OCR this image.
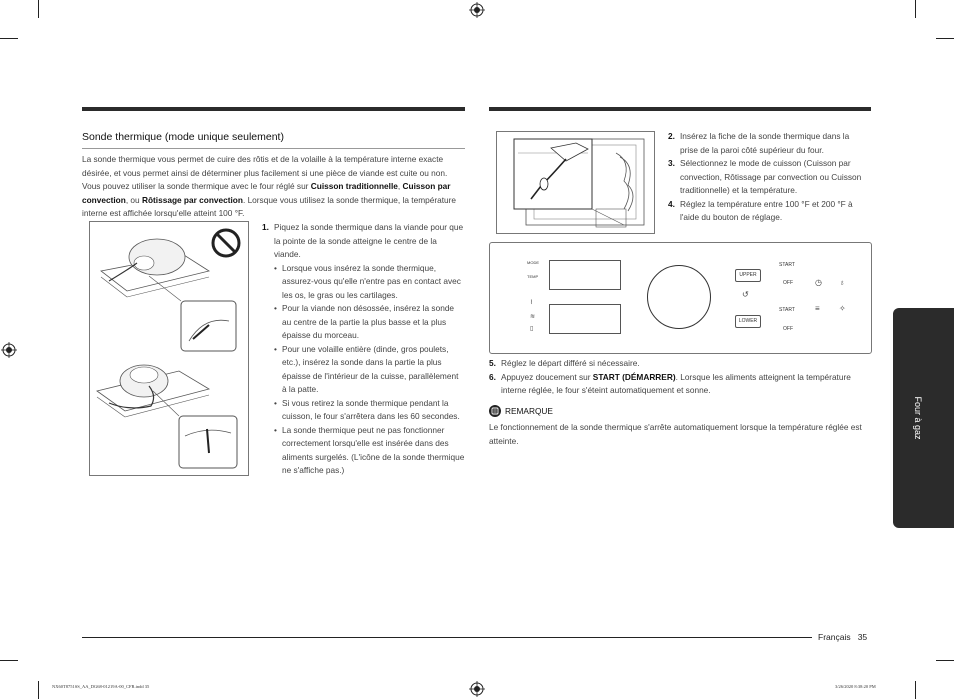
Sonde thermique (mode unique seulement)
La sonde thermique vous permet de cuire des rôtis et de la volaille à la température interne exacte désirée, et vous permet ainsi de déterminer plus facilement si une pièce de viande est cuite ou non. Vous pouvez utiliser la sonde thermique avec le four réglé sur Cuisson traditionnelle, Cuisson par convection, ou Rôtissage par convection. Lorsque vous utilisez la sonde thermique, la température interne est affichée lorsqu'elle atteint 100 °F.
1. Piquez la sonde thermique dans la viande pour que la pointe de la sonde atteigne le centre de la viande.
• Lorsque vous insérez la sonde thermique, assurez-vous qu'elle n'entre pas en contact avec les os, le gras ou les cartilages.
• Pour la viande non désossée, insérez la sonde au centre de la partie la plus basse et la plus épaisse du morceau.
• Pour une volaille entière (dinde, gros poulets, etc.), insérez la sonde dans la partie la plus épaisse de l'intérieur de la cuisse, parallèlement à la patte.
• Si vous retirez la sonde thermique pendant la cuisson, le four s'arrêtera dans les 60 secondes.
• La sonde thermique peut ne pas fonctionner correctement lorsqu'elle est insérée dans des aliments surgelés. (L'icône de la sonde thermique ne s'affiche pas.)
2. Insérez la fiche de la sonde thermique dans la prise de la paroi côté supérieur du four.
3. Sélectionnez le mode de cuisson (Cuisson par convection, Rôtissage par convection ou Cuisson traditionnelle) et la température.
4. Réglez la température entre 100 °F et 200 °F à l'aide du bouton de réglage.
MODE
TEMP
⌇
≋
▯
UPPER
↺
LOWER
START
OFF
START
OFF
◷ ♁
≡ ✧
5. Réglez le départ différé si nécessaire.
6. Appuyez doucement sur START (DÉMARRER). Lorsque les aliments atteignent la température interne réglée, le four s'éteint automatiquement et sonne.
REMARQUE
Le fonctionnement de la sonde thermique s'arrête automatiquement lorsque la température réglée est atteinte.
Four à gaz
Français 35
NX60T8751SS_AA_DG68-01219A-00_CFR.indd 35	3/26/2020 8:38:20 PM
